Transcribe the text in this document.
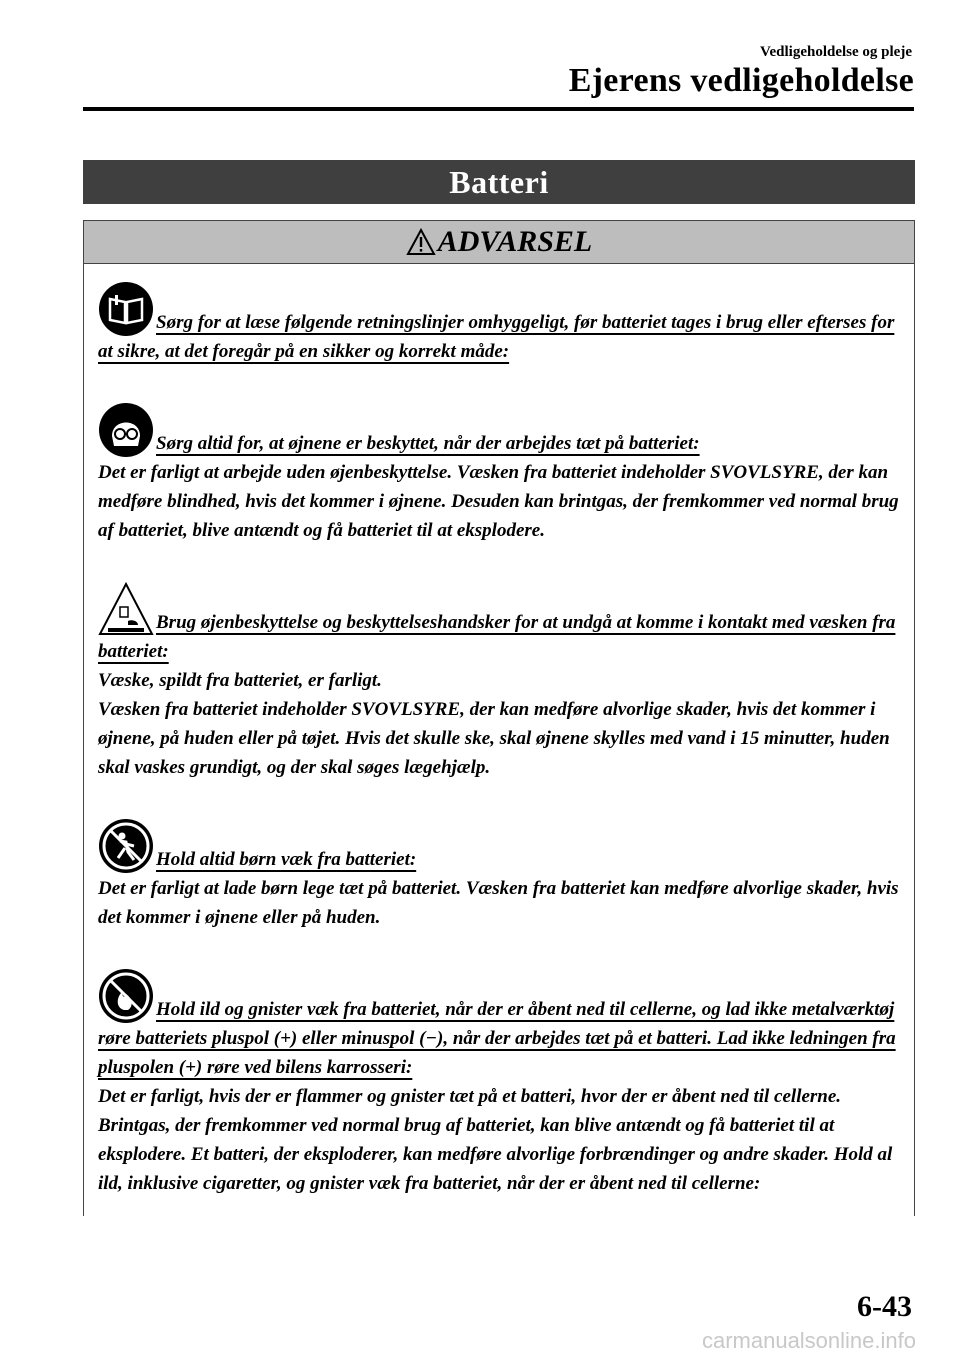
Vedligeholdelse og pleje
Ejerens vedligeholdelse
Batteri
ADVARSEL
Sørg for at læse følgende retningslinjer omhyggeligt, før batteriet tages i brug eller efterses for at sikre, at det foregår på en sikker og korrekt måde:
Sørg altid for, at øjnene er beskyttet, når der arbejdes tæt på batteriet:
Det er farligt at arbejde uden øjenbeskyttelse. Væsken fra batteriet indeholder SVOVLSYRE, der kan medføre blindhed, hvis det kommer i øjnene. Desuden kan brintgas, der fremkommer ved normal brug af batteriet, blive antændt og få batteriet til at eksplodere.
Brug øjenbeskyttelse og beskyttelseshandsker for at undgå at komme i kontakt med væsken fra batteriet:
Væske, spildt fra batteriet, er farligt.
Væsken fra batteriet indeholder SVOVLSYRE, der kan medføre alvorlige skader, hvis det kommer i øjnene, på huden eller på tøjet. Hvis det skulle ske, skal øjnene skylles med vand i 15 minutter, huden skal vaskes grundigt, og der skal søges lægehjælp.
Hold altid børn væk fra batteriet:
Det er farligt at lade børn lege tæt på batteriet. Væsken fra batteriet kan medføre alvorlige skader, hvis det kommer i øjnene eller på huden.
Hold ild og gnister væk fra batteriet, når der er åbent ned til cellerne, og lad ikke metalværktøj røre batteriets pluspol (+) eller minuspol (−), når der arbejdes tæt på et batteri. Lad ikke ledningen fra pluspolen (+) røre ved bilens karrosseri:
Det er farligt, hvis der er flammer og gnister tæt på et batteri, hvor der er åbent ned til cellerne. Brintgas, der fremkommer ved normal brug af batteriet, kan blive antændt og få batteriet til at eksplodere. Et batteri, der eksploderer, kan medføre alvorlige forbrændinger og andre skader. Hold al ild, inklusive cigaretter, og gnister væk fra batteriet, når der er åbent ned til cellerne:
6-43
carmanualsonline.info
